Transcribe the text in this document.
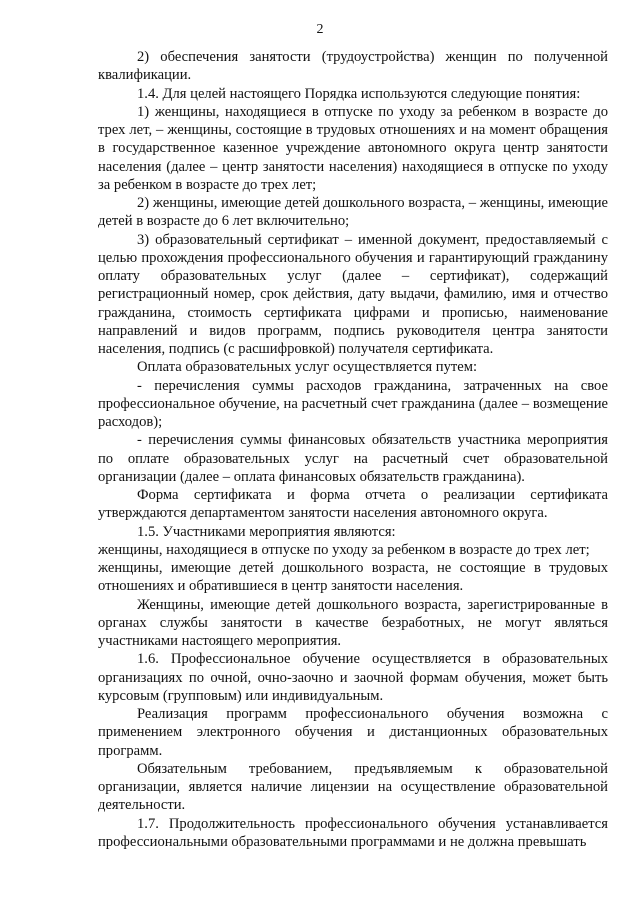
2

2) обеспечения занятости (трудоустройства) женщин по полученной квалификации.

1.4. Для целей настоящего Порядка используются следующие понятия:

1) женщины, находящиеся в отпуске по уходу за ребенком в возрасте до трех лет, – женщины, состоящие в трудовых отношениях и на момент обращения в государственное казенное учреждение автономного округа центр занятости населения (далее – центр занятости населения) находящиеся в отпуске по уходу за ребенком в возрасте до трех лет;

2) женщины, имеющие детей дошкольного возраста, – женщины, имеющие детей в возрасте до 6 лет включительно;

3) образовательный сертификат – именной документ, предоставляемый с целью прохождения профессионального обучения и гарантирующий гражданину оплату образовательных услуг (далее – сертификат), содержащий регистрационный номер, срок действия, дату выдачи, фамилию, имя и отчество гражданина, стоимость сертификата цифрами и прописью, наименование направлений и видов программ, подпись руководителя центра занятости населения, подпись (с расшифровкой) получателя сертификата.

Оплата образовательных услуг осуществляется путем:

- перечисления суммы расходов гражданина, затраченных на свое профессиональное обучение, на расчетный счет гражданина (далее – возмещение расходов);

- перечисления суммы финансовых обязательств участника мероприятия по оплате образовательных услуг на расчетный счет образовательной организации (далее – оплата финансовых обязательств гражданина).

Форма сертификата и форма отчета о реализации сертификата утверждаются департаментом занятости населения автономного округа.

1.5. Участниками мероприятия являются:

женщины, находящиеся в отпуске по уходу за ребенком в возрасте до трех лет;

женщины, имеющие детей дошкольного возраста, не состоящие в трудовых отношениях и обратившиеся в центр занятости населения.

Женщины, имеющие детей дошкольного возраста, зарегистрированные в органах службы занятости в качестве безработных, не могут являться участниками настоящего мероприятия.

1.6. Профессиональное обучение осуществляется в образовательных организациях по очной, очно-заочно и заочной формам обучения, может быть курсовым (групповым) или индивидуальным.

Реализация программ профессионального обучения возможна с применением электронного обучения и дистанционных образовательных программ.

Обязательным требованием, предъявляемым к образовательной организации, является наличие лицензии на осуществление образовательной деятельности.

1.7. Продолжительность профессионального обучения устанавливается профессиональными образовательными программами и не должна превышать
